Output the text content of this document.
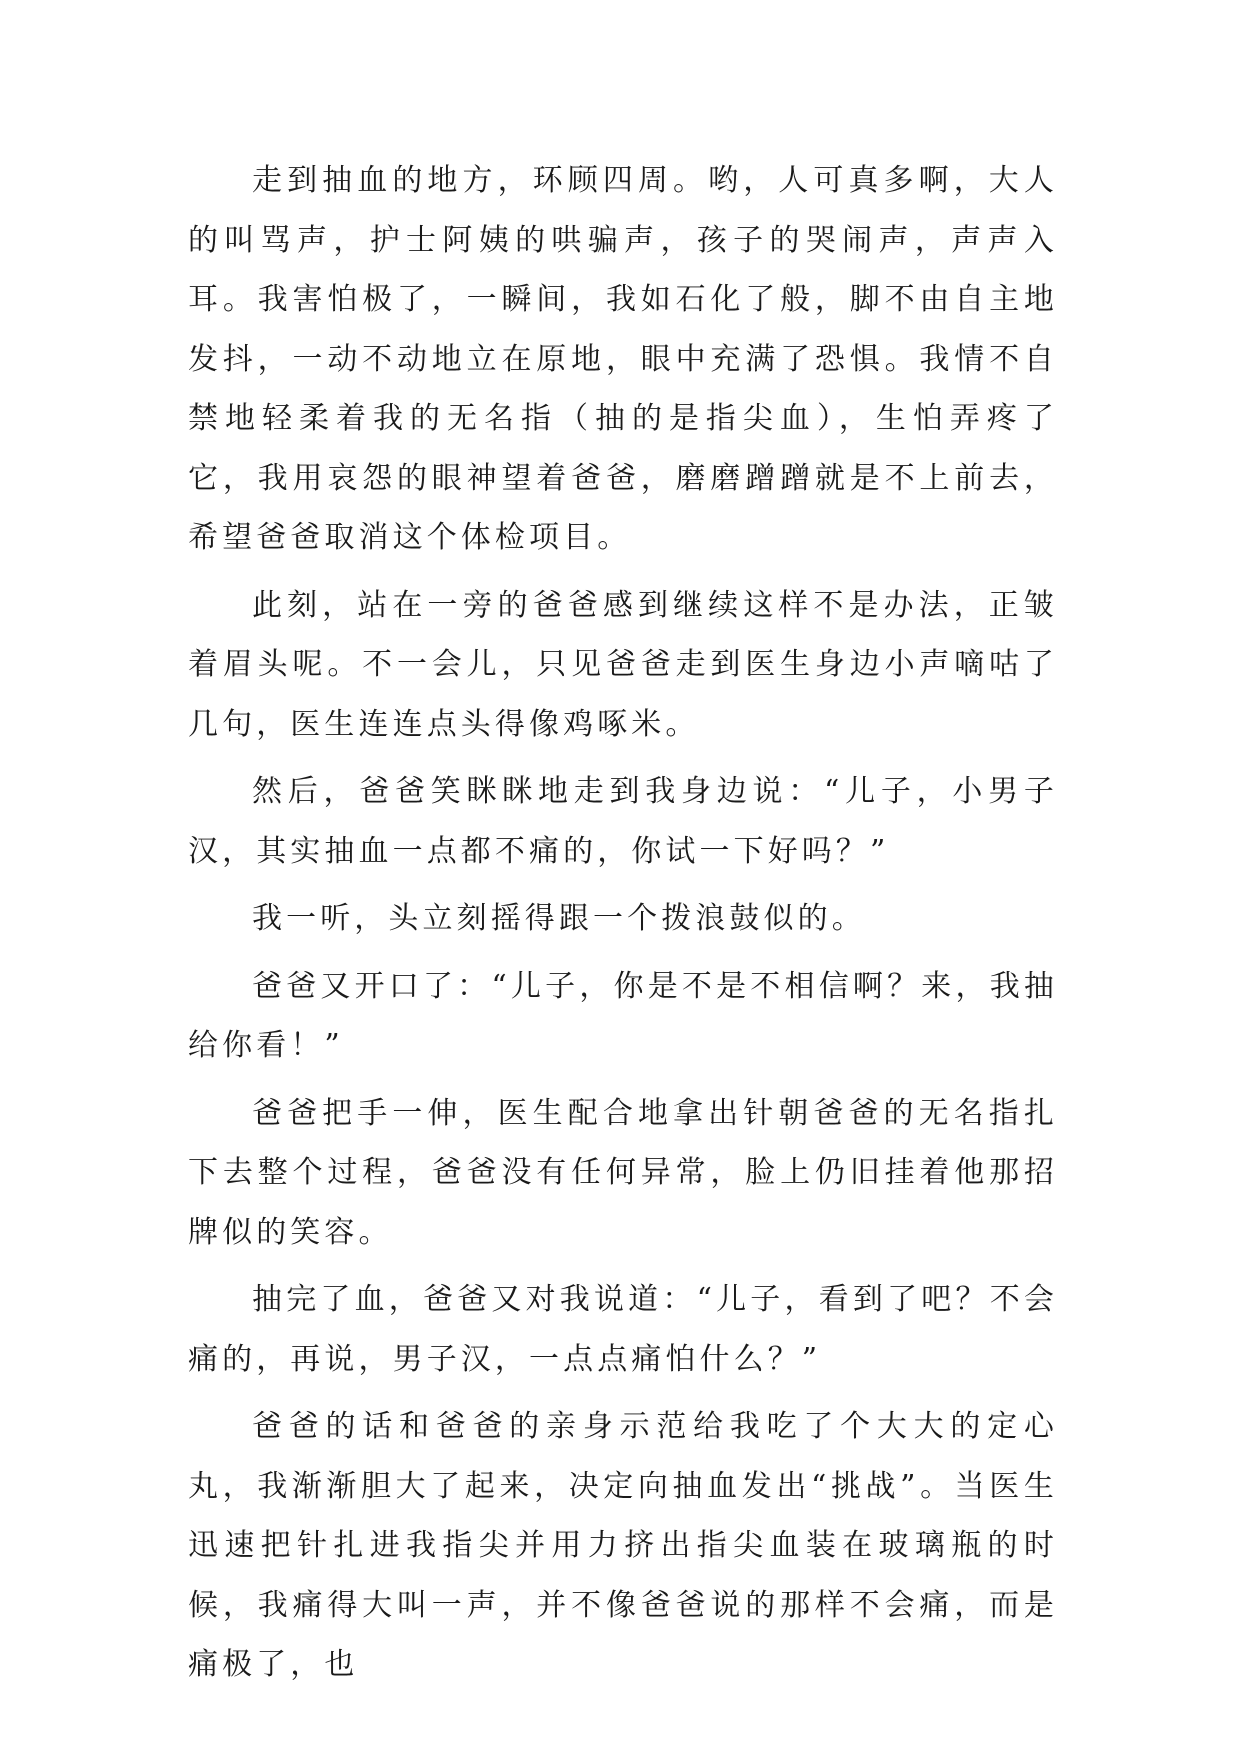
走到抽血的地方，环顾四周。哟，人可真多啊，大人的叫骂声，护士阿姨的哄骗声，孩子的哭闹声，声声入耳。我害怕极了，一瞬间，我如石化了般，脚不由自主地发抖，一动不动地立在原地，眼中充满了恐惧。我情不自禁地轻柔着我的无名指（抽的是指尖血），生怕弄疼了它，我用哀怨的眼神望着爸爸，磨磨蹭蹭就是不上前去，希望爸爸取消这个体检项目。

此刻，站在一旁的爸爸感到继续这样不是办法，正皱着眉头呢。不一会儿，只见爸爸走到医生身边小声嘀咕了几句，医生连连点头得像鸡啄米。

然后，爸爸笑眯眯地走到我身边说：“儿子，小男子汉，其实抽血一点都不痛的，你试一下好吗？”

我一听，头立刻摇得跟一个拨浪鼓似的。

爸爸又开口了：“儿子，你是不是不相信啊？来，我抽给你看！”

爸爸把手一伸，医生配合地拿出针朝爸爸的无名指扎下去整个过程，爸爸没有任何异常，脸上仍旧挂着他那招牌似的笑容。

抽完了血，爸爸又对我说道：“儿子，看到了吧？不会痛的，再说，男子汉，一点点痛怕什么？”

爸爸的话和爸爸的亲身示范给我吃了个大大的定心丸，我渐渐胆大了起来，决定向抽血发出“挑战”。当医生迅速把针扎进我指尖并用力挤出指尖血装在玻璃瓶的时候，我痛得大叫一声，并不像爸爸说的那样不会痛，而是痛极了，也
